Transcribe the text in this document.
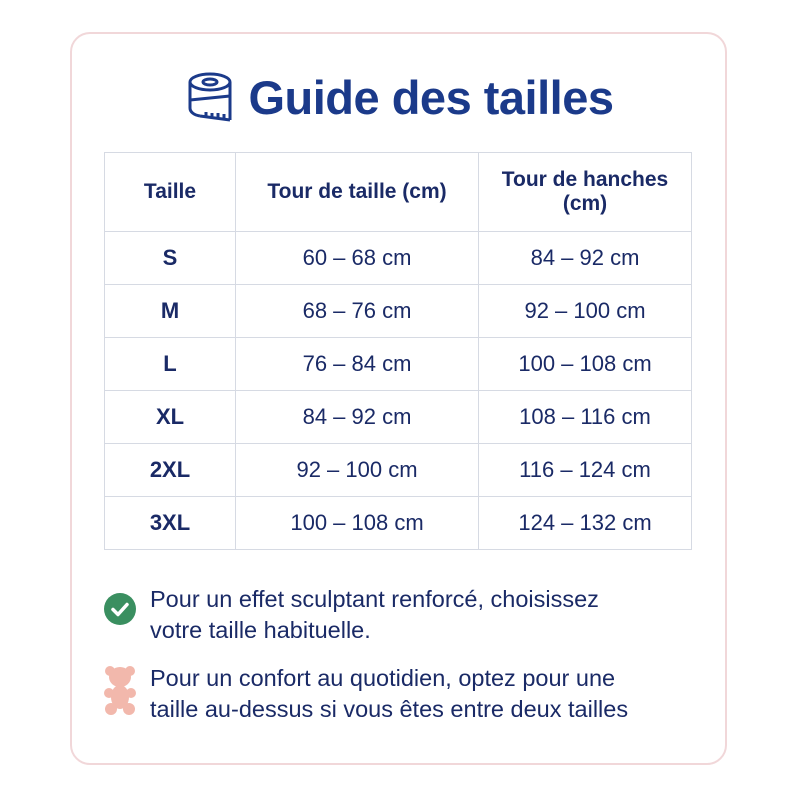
Guide des tailles
Taille	Tour de taille (cm)	Tour de hanches (cm)
S	60 – 68 cm	84 – 92 cm
M	68 – 76 cm	92 – 100 cm
L	76 – 84 cm	100 – 108 cm
XL	84 – 92 cm	108 – 116 cm
2XL	92 – 100 cm	116 – 124 cm
3XL	100 – 108 cm	124 – 132 cm
Pour un effet sculptant renforcé, choisissez
votre taille habituelle.
Pour un confort au quotidien, optez pour une
taille au-dessus si vous êtes entre deux tailles
